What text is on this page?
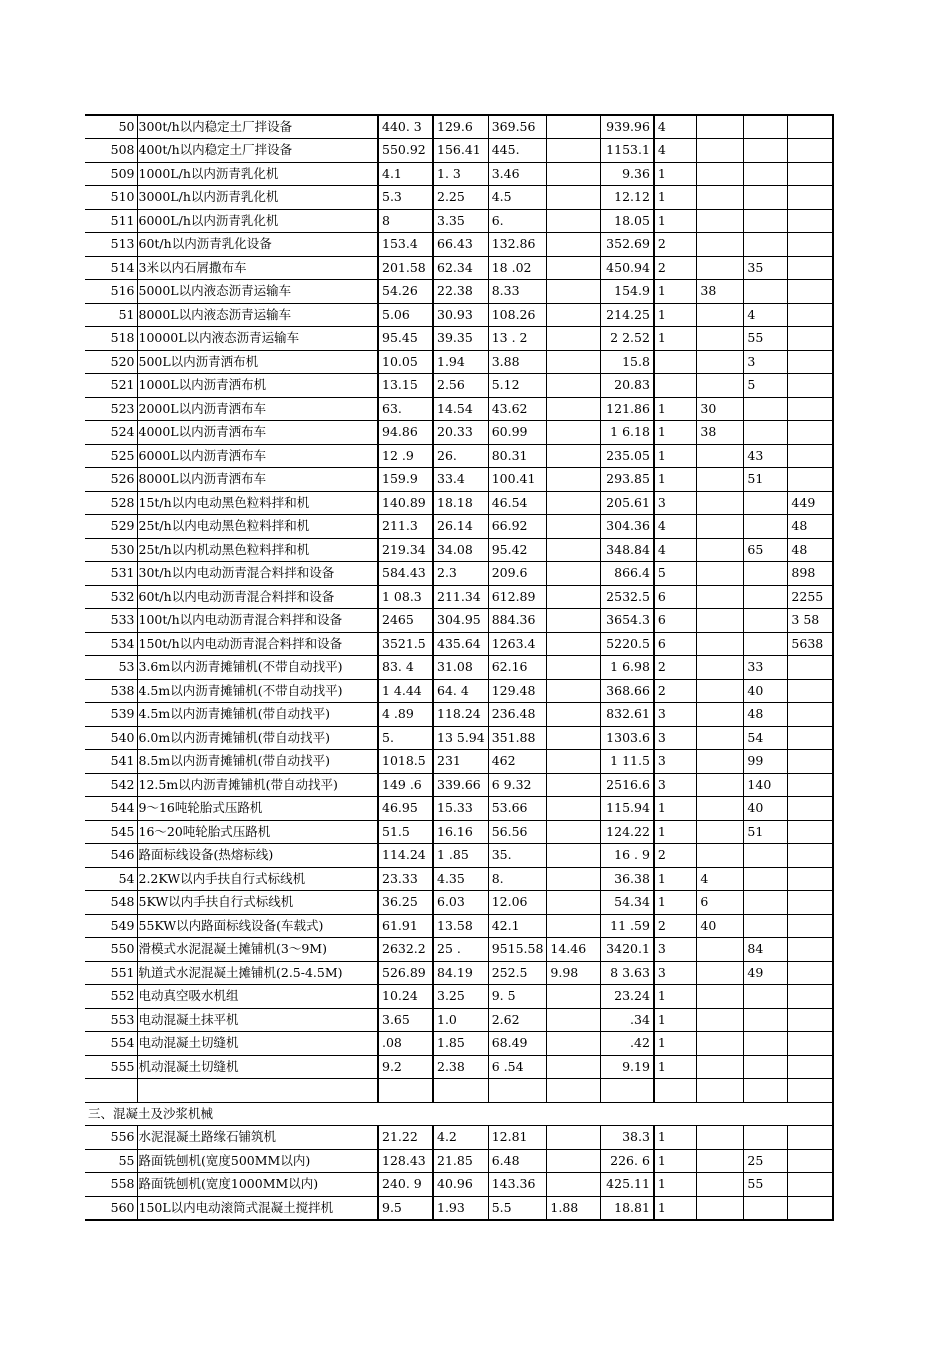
50	300t/h以内稳定土厂拌设备	440. 3	129.6	369.56		939.96	4			
508	400t/h以内稳定土厂拌设备	550.92	156.41	445.		1153.1	4			
509	1000L/h以内沥青乳化机	4.1	1. 3	3.46		9.36	1			
510	3000L/h以内沥青乳化机	5.3	2.25	4.5		12.12	1			
511	6000L/h以内沥青乳化机	8	3.35	6.		18.05	1			
513	60t/h以内沥青乳化设备	153.4	66.43	132.86		352.69	2			
514	3米以内石屑撒布车	201.58	62.34	18 .02		450.94	2		35	
516	5000L以内液态沥青运输车	54.26	22.38	8.33		154.9	1	38		
51	8000L以内液态沥青运输车	5.06	30.93	108.26		214.25	1		4	
518	10000L以内液态沥青运输车	95.45	39.35	13 . 2		2 2.52	1		55	
520	500L以内沥青洒布机	10.05	1.94	3.88		15.8			3	
521	1000L以内沥青洒布机	13.15	2.56	5.12		20.83			5	
523	2000L以内沥青洒布车	63.	14.54	43.62		121.86	1	30		
524	4000L以内沥青洒布车	94.86	20.33	60.99		1 6.18	1	38		
525	6000L以内沥青洒布车	12 .9	26.	80.31		235.05	1		43	
526	8000L以内沥青洒布车	159.9	33.4	100.41		293.85	1		51	
528	15t/h以内电动黑色粒料拌和机	140.89	18.18	46.54		205.61	3			449
529	25t/h以内电动黑色粒料拌和机	211.3	26.14	66.92		304.36	4			48
530	25t/h以内机动黑色粒料拌和机	219.34	34.08	95.42		348.84	4		65	48
531	30t/h以内电动沥青混合料拌和设备	584.43	2.3	209.6		866.4	5			898
532	60t/h以内电动沥青混合料拌和设备	1 08.3	211.34	612.89		2532.5	6			2255
533	100t/h以内电动沥青混合料拌和设备	2465	304.95	884.36		3654.3	6			3 58
534	150t/h以内电动沥青混合料拌和设备	3521.5	435.64	1263.4		5220.5	6			5638
53	3.6m以内沥青摊铺机(不带自动找平)	83. 4	31.08	62.16		1 6.98	2		33	
538	4.5m以内沥青摊铺机(不带自动找平)	1 4.44	64. 4	129.48		368.66	2		40	
539	4.5m以内沥青摊铺机(带自动找平)	4 .89	118.24	236.48		832.61	3		48	
540	6.0m以内沥青摊铺机(带自动找平)	5.	13 5.94	351.88		1303.6	3		54	
541	8.5m以内沥青摊铺机(带自动找平)	1018.5	231	462		1 11.5	3		99	
542	12.5m以内沥青摊铺机(带自动找平)	149 .6	339.66	6 9.32		2516.6	3		140	
544	9～16吨轮胎式压路机	46.95	15.33	53.66		115.94	1		40	
545	16～20吨轮胎式压路机	51.5	16.16	56.56		124.22	1		51	
546	路面标线设备(热熔标线)	114.24	1 .85	35.		16 . 9	2			
54	2.2KW以内手扶自行式标线机	23.33	4.35	8.		36.38	1	4		
548	5KW以内手扶自行式标线机	36.25	6.03	12.06		54.34	1	6		
549	55KW以内路面标线设备(车载式)	61.91	13.58	42.1		11 .59	2	40		
550	滑模式水泥混凝土摊铺机(3～9M)	2632.2	25 .	9515.58	14.46	3420.1	3		84	
551	轨道式水泥混凝土摊铺机(2.5-4.5M)	526.89	84.19	252.5	9.98	8 3.63	3		49	
552	电动真空吸水机组	10.24	3.25	9. 5		23.24	1			
553	电动混凝土抹平机	3.65	1.0	2.62		.34	1			
554	电动混凝土切缝机	.08	1.85	68.49		.42	1			
555	机动混凝土切缝机	9.2	2.38	6 .54		9.19	1			

三、混凝土及沙浆机械										
556	水泥混凝土路缘石铺筑机	21.22	4.2	12.81		38.3	1			
55	路面铣刨机(宽度500MM以内)	128.43	21.85	6.48		226. 6	1		25	
558	路面铣刨机(宽度1000MM以内)	240. 9	40.96	143.36		425.11	1		55	
560	150L以内电动滚筒式混凝土搅拌机	9.5	1.93	5.5	1.88	18.81	1			
